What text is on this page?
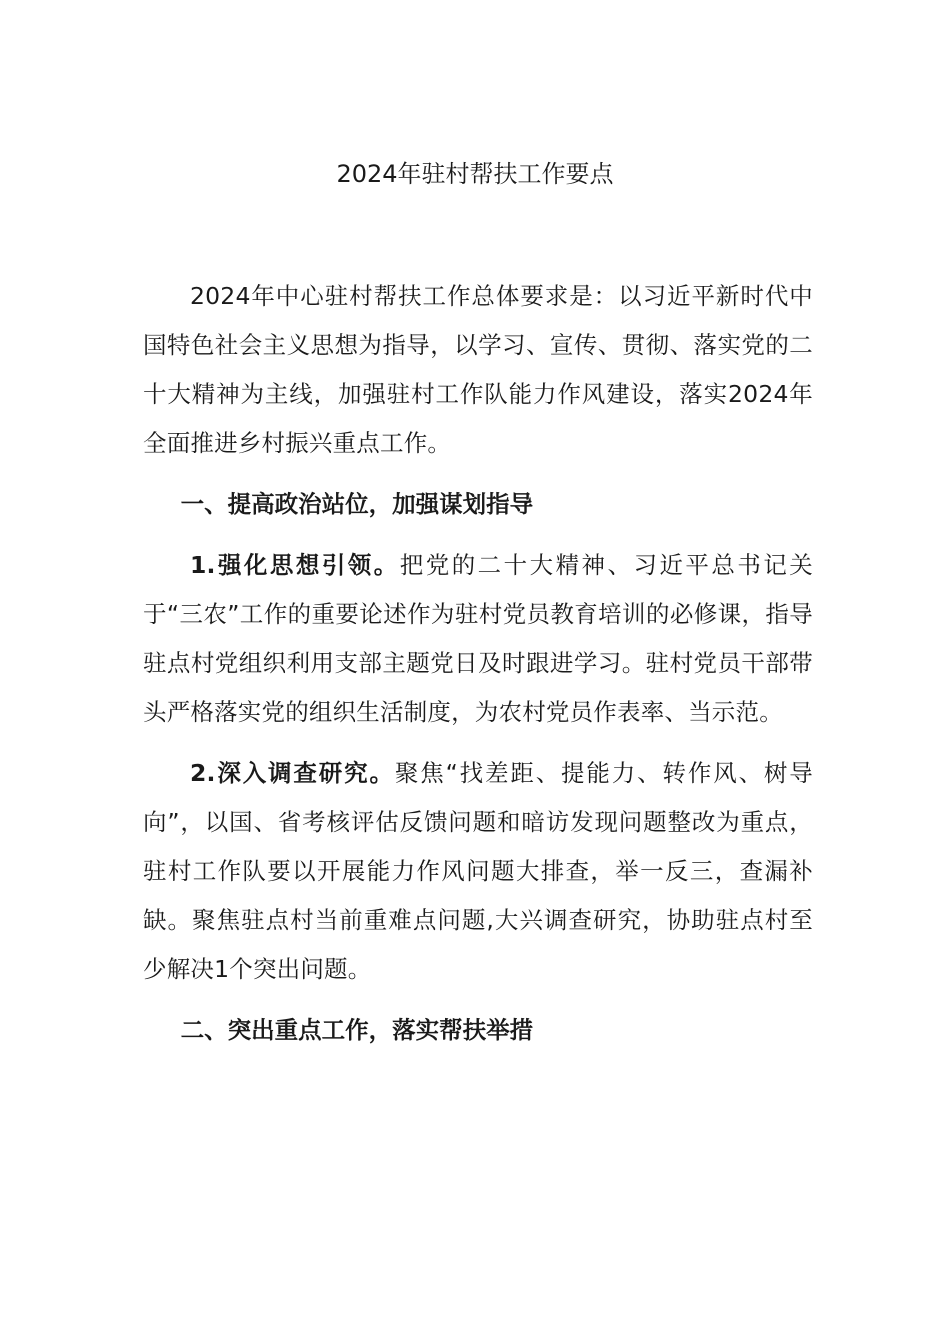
2024年驻村帮扶工作要点

2024年中心驻村帮扶工作总体要求是：以习近平新时代中国特色社会主义思想为指导，以学习、宣传、贯彻、落实党的二十大精神为主线，加强驻村工作队能力作风建设，落实2024年全面推进乡村振兴重点工作。

一、提高政治站位，加强谋划指导

1.强化思想引领。把党的二十大精神、习近平总书记关于“三农”工作的重要论述作为驻村党员教育培训的必修课，指导驻点村党组织利用支部主题党日及时跟进学习。驻村党员干部带头严格落实党的组织生活制度，为农村党员作表率、当示范。

2.深入调查研究。聚焦“找差距、提能力、转作风、树导向”，以国、省考核评估反馈问题和暗访发现问题整改为重点，驻村工作队要以开展能力作风问题大排查，举一反三，查漏补缺。聚焦驻点村当前重难点问题,大兴调查研究，协助驻点村至少解决1个突出问题。

二、突出重点工作，落实帮扶举措
